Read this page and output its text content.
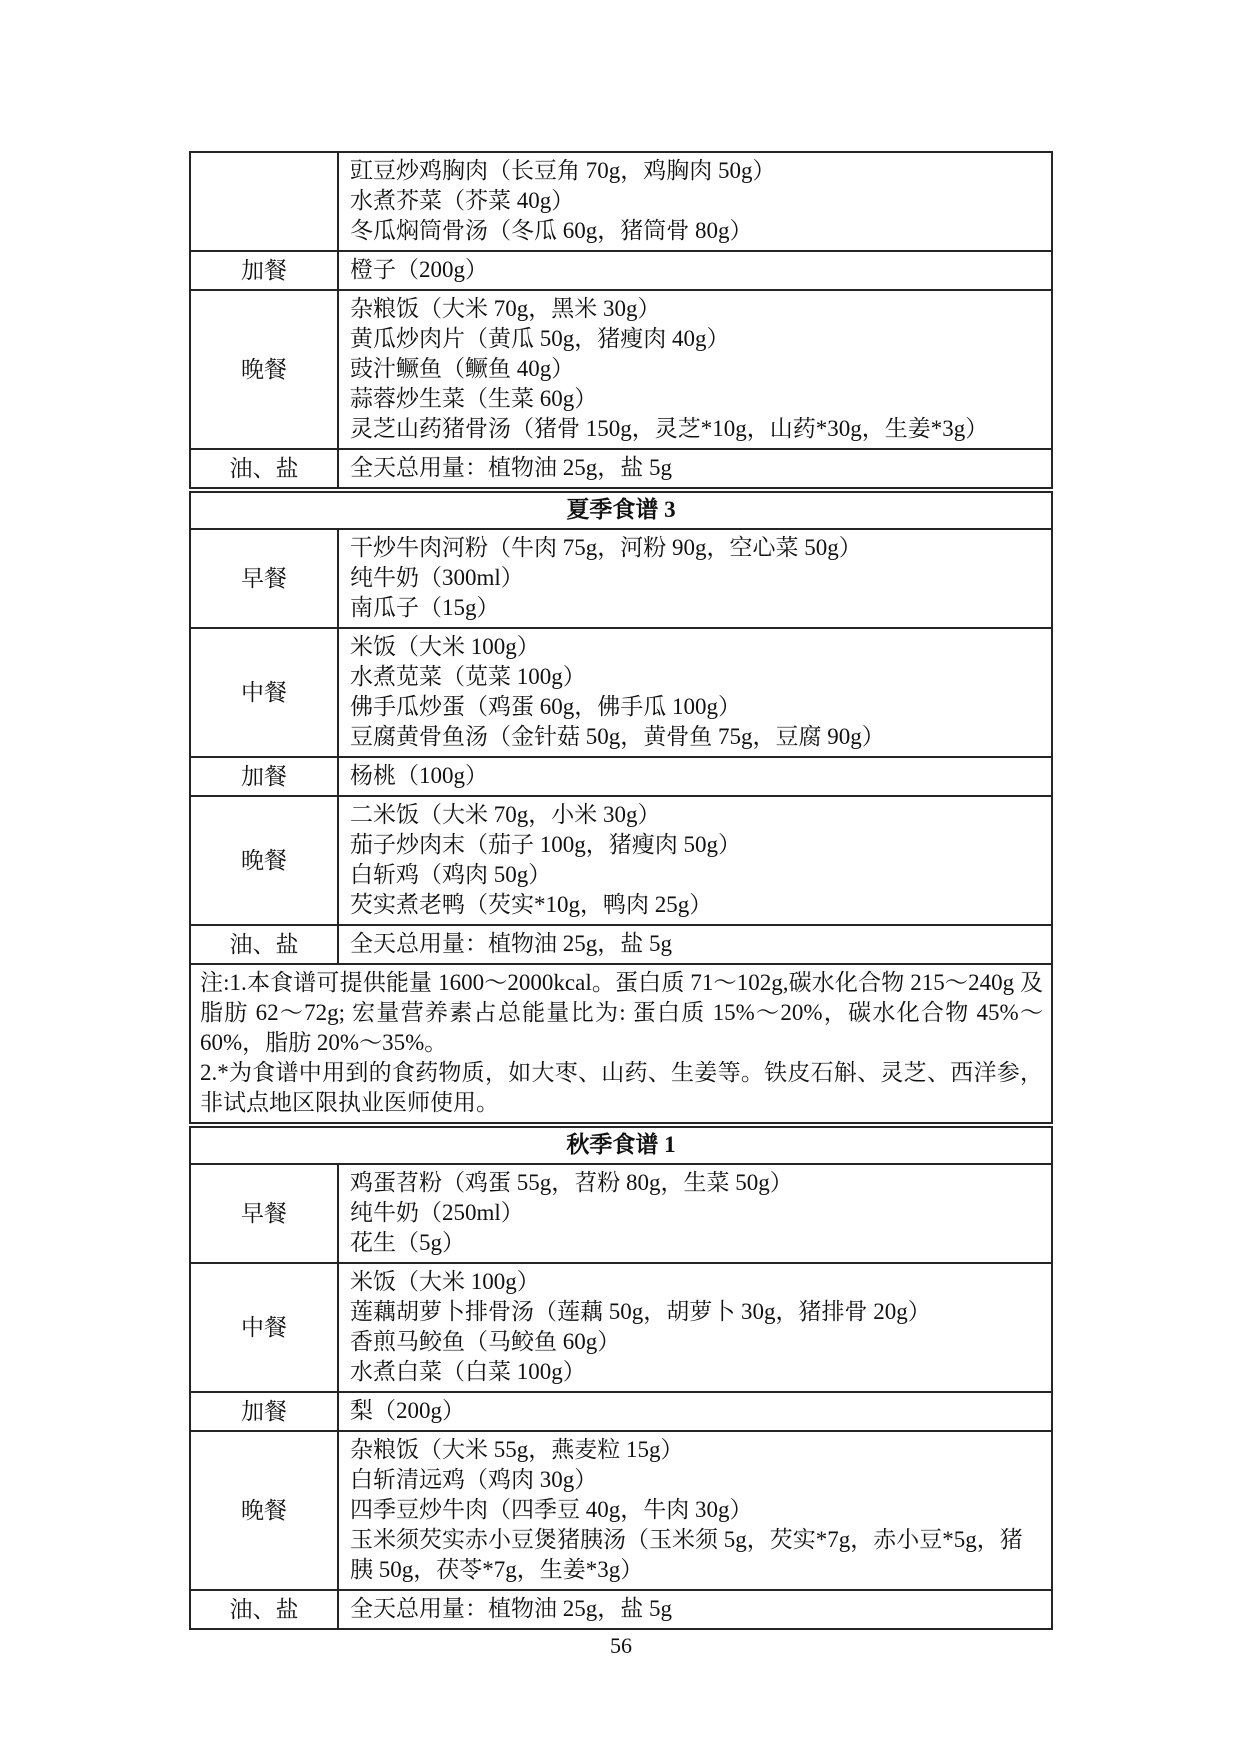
	豇豆炒鸡胸肉（长豆角 70g，鸡胸肉 50g）
水煮芥菜（芥菜 40g）
冬瓜焖筒骨汤（冬瓜 60g，猪筒骨 80g）

加餐	橙子（200g）

晚餐	杂粮饭（大米 70g，黑米 30g）
黄瓜炒肉片（黄瓜 50g，猪瘦肉 40g）
豉汁鳜鱼（鳜鱼 40g）
蒜蓉炒生菜（生菜 60g）
灵芝山药猪骨汤（猪骨 150g，灵芝*10g，山药*30g，生姜*3g）

油、盐	全天总用量：植物油 25g，盐 5g

夏季食谱 3	
早餐	干炒牛肉河粉（牛肉 75g，河粉 90g，空心菜 50g）
纯牛奶（300ml）
南瓜子（15g）

中餐	米饭（大米 100g）
水煮苋菜（苋菜 100g）
佛手瓜炒蛋（鸡蛋 60g，佛手瓜 100g）
豆腐黄骨鱼汤（金针菇 50g，黄骨鱼 75g，豆腐 90g）

加餐	杨桃（100g）

晚餐	二米饭（大米 70g，小米 30g）
茄子炒肉末（茄子 100g，猪瘦肉 50g）
白斩鸡（鸡肉 50g）
芡实煮老鸭（芡实*10g，鸭肉 25g）

油、盐	全天总用量：植物油 25g，盐 5g

注:1.本食谱可提供能量 1600～2000kcal。蛋白质 71～102g,碳水化合物 215～240g 及脂肪 62～72g; 宏量营养素占总能量比为: 蛋白质 15%～20%，碳水化合物 45%～60%，脂肪 20%～35%。
2.*为食谱中用到的食药物质，如大枣、山药、生姜等。铁皮石斛、灵芝、西洋参，非试点地区限执业医师使用。	

秋季食谱 1	
早餐	鸡蛋苕粉（鸡蛋 55g，苕粉 80g，生菜 50g）
纯牛奶（250ml）
花生（5g）

中餐	米饭（大米 100g）
莲藕胡萝卜排骨汤（莲藕 50g，胡萝卜 30g，猪排骨 20g）
香煎马鲛鱼（马鲛鱼 60g）
水煮白菜（白菜 100g）

加餐	梨（200g）

晚餐	杂粮饭（大米 55g，燕麦粒 15g）
白斩清远鸡（鸡肉 30g）
四季豆炒牛肉（四季豆 40g，牛肉 30g）
玉米须芡实赤小豆煲猪胰汤（玉米须 5g，芡实*7g，赤小豆*5g，猪胰 50g，茯苓*7g，生姜*3g）

油、盐	全天总用量：植物油 25g，盐 5g
56
